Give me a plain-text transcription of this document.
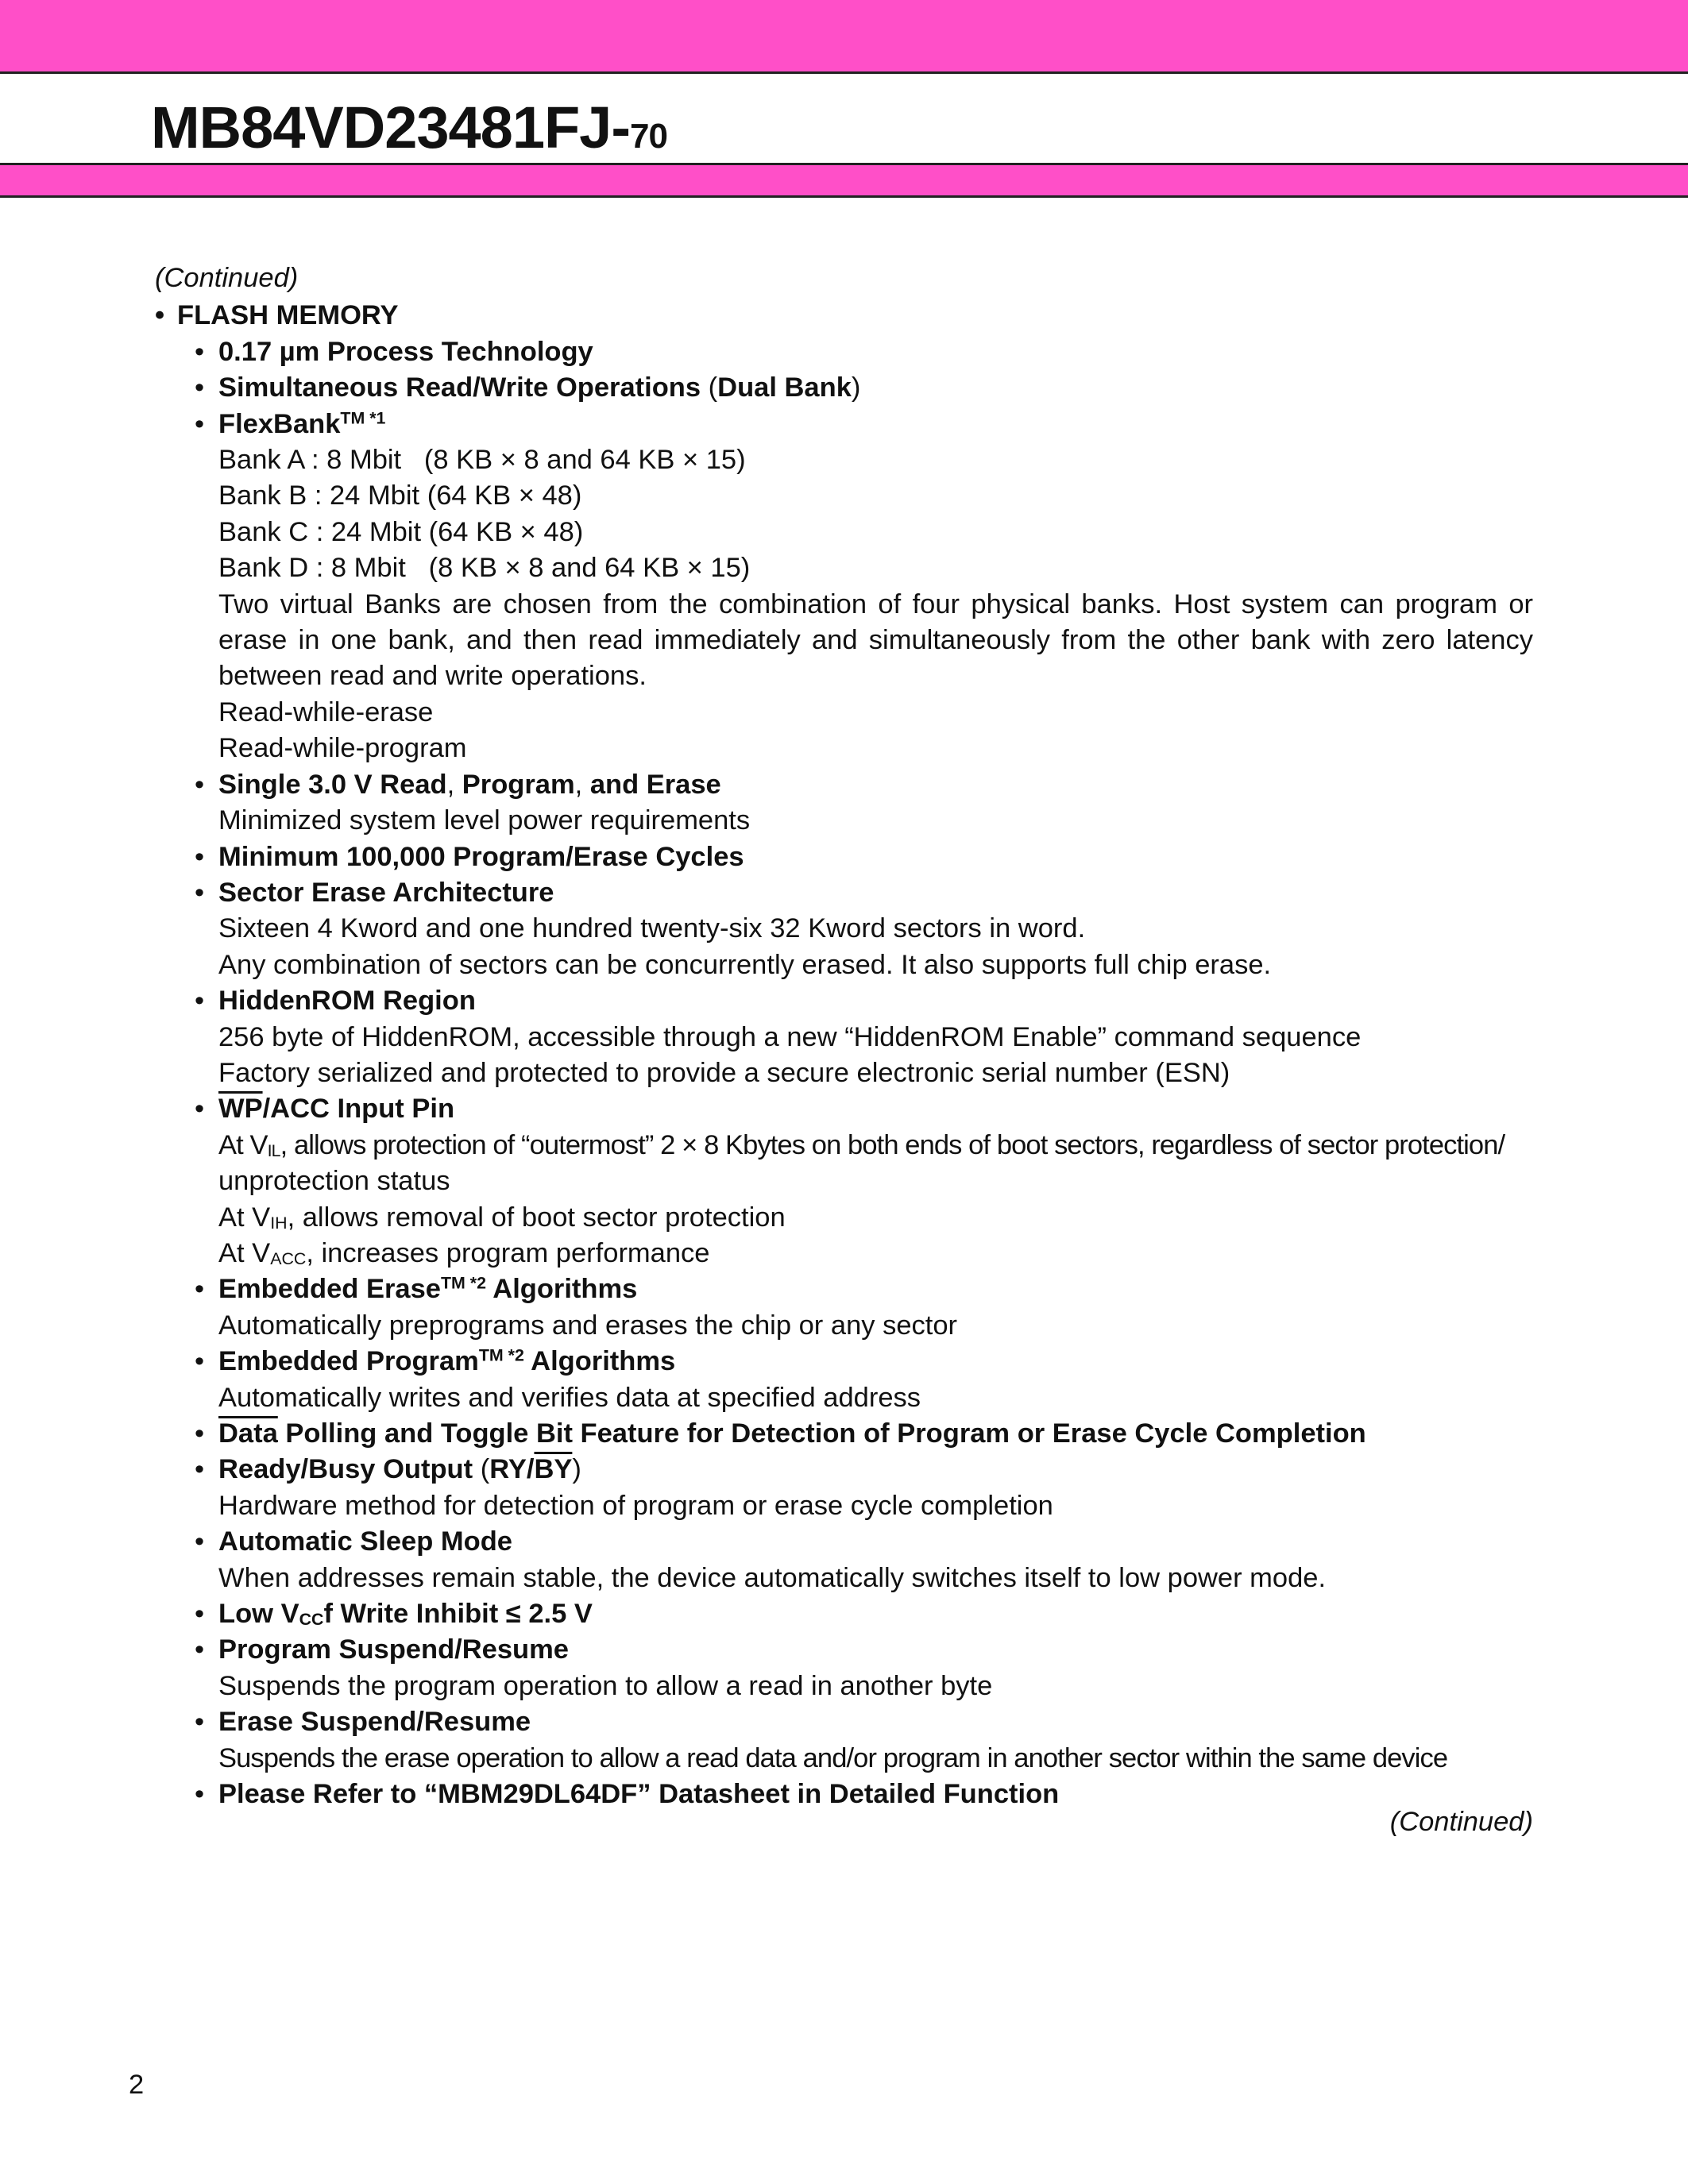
MB84VD23481FJ-70
(Continued)
• FLASH MEMORY
• 0.17 µm Process Technology
• Simultaneous Read/Write Operations (Dual Bank)
• FlexBank$^{TM *1}$
Bank A : 8 Mbit   (8 KB × 8 and 64 KB × 15)
Bank B : 24 Mbit (64 KB × 48)
Bank C : 24 Mbit (64 KB × 48)
Bank D : 8 Mbit   (8 KB × 8 and 64 KB × 15)
Two virtual Banks are chosen from the combination of four physical banks. Host system can program or erase in one bank, and then read immediately and simultaneously from the other bank with zero latency between read and write operations.
Read-while-erase
Read-while-program
• Single 3.0 V Read, Program, and Erase
Minimized system level power requirements
• Minimum 100,000 Program/Erase Cycles
• Sector Erase Architecture
Sixteen 4 Kword and one hundred twenty-six 32 Kword sectors in word.
Any combination of sectors can be concurrently erased. It also supports full chip erase.
• HiddenROM Region
256 byte of HiddenROM, accessible through a new “HiddenROM Enable” command sequence
Factory serialized and protected to provide a secure electronic serial number (ESN)
• $\overline{WP}$/ACC Input Pin
At $V_{IL}$, allows protection of “outermost” 2 × 8 Kbytes on both ends of boot sectors, regardless of sector protection/
unprotection status
At $V_{IH}$, allows removal of boot sector protection
At $V_{ACC}$, increases program performance
• Embedded Erase$^{TM *2}$ Algorithms
Automatically preprograms and erases the chip or any sector
• Embedded Program$^{TM *2}$ Algorithms
Automatically writes and verifies data at specified address
• Data Polling and Toggle Bit Feature for Detection of Program or Erase Cycle Completion
• Ready/Busy Output $(RY/\overline{BY})$
Hardware method for detection of program or erase cycle completion
• Automatic Sleep Mode
When addresses remain stable, the device automatically switches itself to low power mode.
• Low $V_{CC}f$ Write Inhibit ≤ 2.5 V
• Program Suspend/Resume
Suspends the program operation to allow a read in another byte
• Erase Suspend/Resume
Suspends the erase operation to allow a read data and/or program in another sector within the same device
• Please Refer to “MBM29DL64DF” Datasheet in Detailed Function
(Continued)
2
